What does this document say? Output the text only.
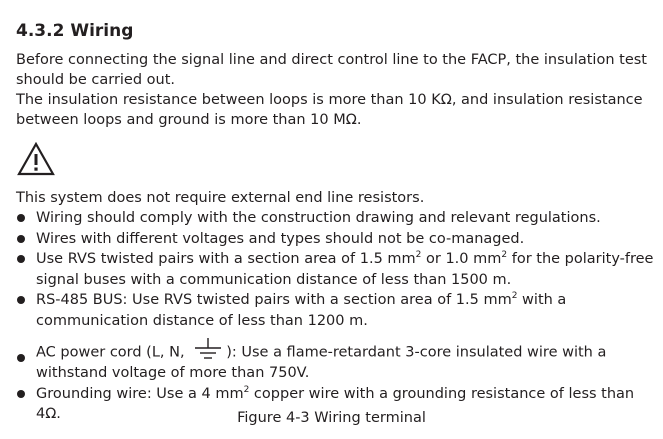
4.3.2 Wiring

Before connecting the signal line and direct control line to the FACP, the insulation test should be carried out.

The insulation resistance between loops is more than 10 KΩ, and insulation resistance between loops and ground is more than 10 MΩ.

This system does not require external end line resistors.

Wiring should comply with the construction drawing and relevant regulations.
Wires with different voltages and types should not be co-managed.
Use RVS twisted pairs with a section area of 1.5 $mm^2$ or 1.0 $mm^2$ for the polarity-free signal buses with a communication distance of less than 1500 m.
RS-485 BUS: Use RVS twisted pairs with a section area of 1.5 $mm^2$ with a communication distance of less than 1200 m.
AC power cord (L, N,	): Use a flame-retardant 3-core insulated wire with a withstand voltage of more than 750V.
Grounding wire: Use a 4 $mm^2$ copper wire with a grounding resistance of less than 4Ω.	Figure 4-3 Wiring terminal
